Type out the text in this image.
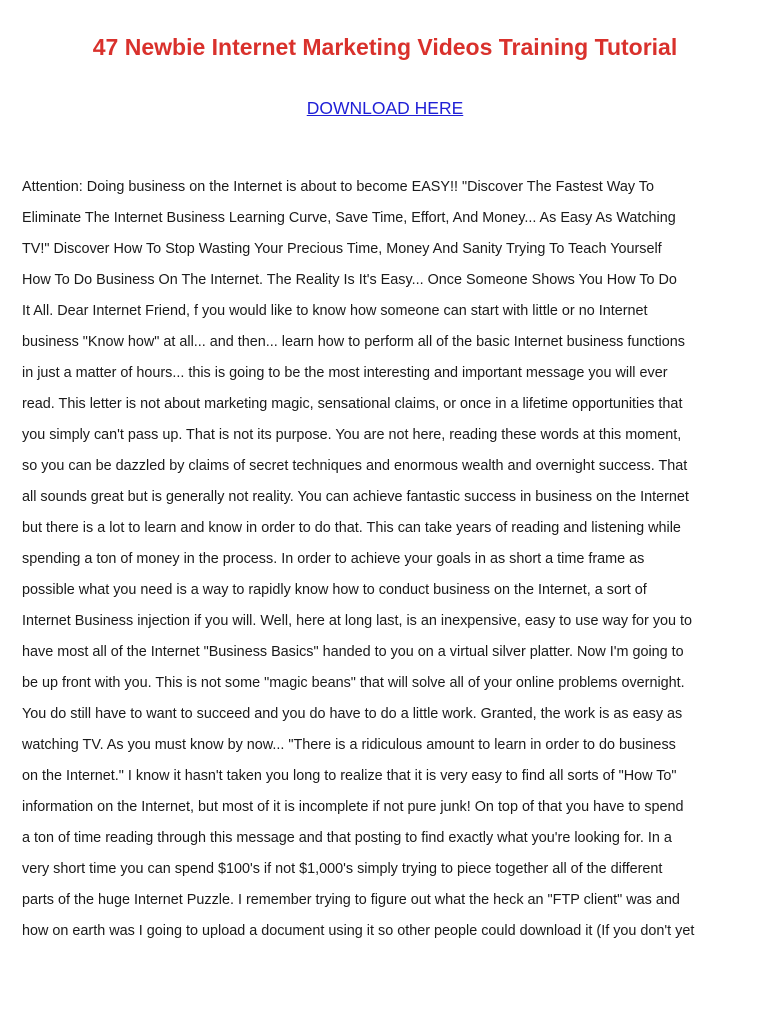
47 Newbie Internet Marketing Videos Training Tutorial
DOWNLOAD HERE
Attention: Doing business on the Internet is about to become EASY!! "Discover The Fastest Way To
Eliminate The Internet Business Learning Curve, Save Time, Effort, And Money... As Easy As Watching
TV!" Discover How To Stop Wasting Your Precious Time, Money And Sanity Trying To Teach Yourself
How To Do Business On The Internet. The Reality Is It's Easy... Once Someone Shows You How To Do
It All. Dear Internet Friend, f you would like to know how someone can start with little or no Internet
business "Know how" at all... and then... learn how to perform all of the basic Internet business functions
in just a matter of hours... this is going to be the most interesting and important message you will ever
read. This letter is not about marketing magic, sensational claims, or once in a lifetime opportunities that
you simply can't pass up. That is not its purpose. You are not here, reading these words at this moment,
so you can be dazzled by claims of secret techniques and enormous wealth and overnight success. That
all sounds great but is generally not reality. You can achieve fantastic success in business on the Internet
but there is a lot to learn and know in order to do that. This can take years of reading and listening while
spending a ton of money in the process. In order to achieve your goals in as short a time frame as
possible what you need is a way to rapidly know how to conduct business on the Internet, a sort of
Internet Business injection if you will. Well, here at long last, is an inexpensive, easy to use way for you to
have most all of the Internet "Business Basics" handed to you on a virtual silver platter. Now I'm going to
be up front with you. This is not some "magic beans" that will solve all of your online problems overnight.
You do still have to want to succeed and you do have to do a little work. Granted, the work is as easy as
watching TV. As you must know by now... "There is a ridiculous amount to learn in order to do business
on the Internet." I know it hasn't taken you long to realize that it is very easy to find all sorts of "How To"
information on the Internet, but most of it is incomplete if not pure junk! On top of that you have to spend
a ton of time reading through this message and that posting to find exactly what you're looking for. In a
very short time you can spend $100's if not $1,000's simply trying to piece together all of the different
parts of the huge Internet Puzzle. I remember trying to figure out what the heck an "FTP client" was and
how on earth was I going to upload a document using it so other people could download it (If you don't yet
